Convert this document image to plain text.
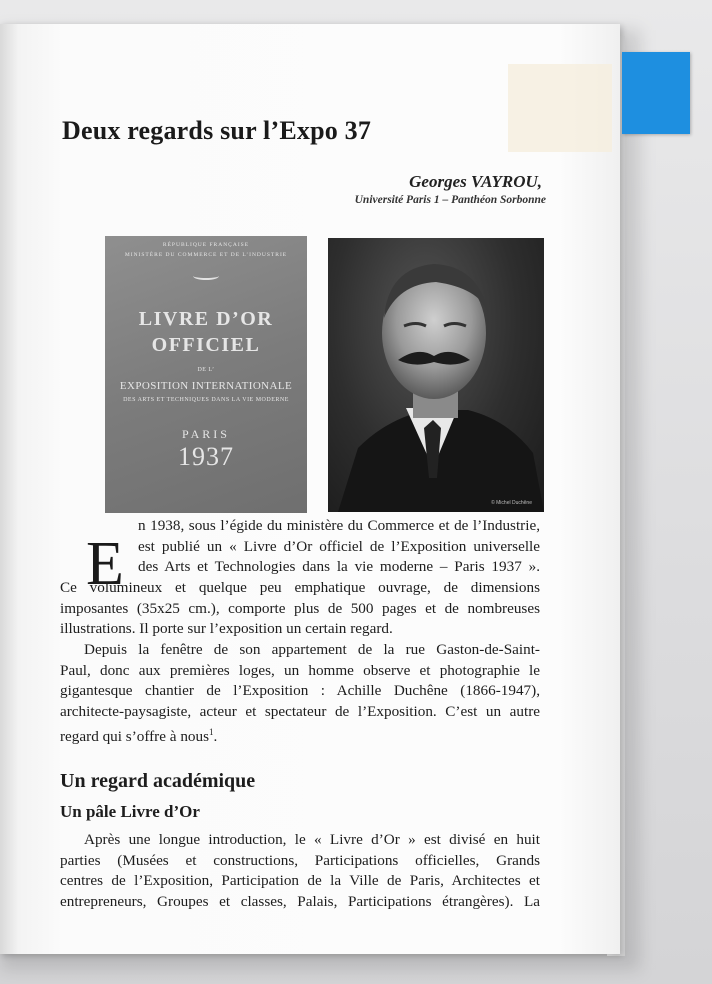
Deux regards sur l’Expo 37
Georges VAYROU,
Université Paris 1 – Panthéon Sorbonne
RÉPUBLIQUE FRANÇAISE
MINISTÈRE DU COMMERCE ET DE L’INDUSTRIE
LIVRE D’OR
OFFICIEL
DE L’
EXPOSITION INTERNATIONALE
DES ARTS ET TECHNIQUES DANS LA VIE MODERNE
PARIS
1937
© Michel Duchêne
E
n 1938, sous l’égide du ministère du Commerce et de l’Industrie,
est publié un « Livre d’Or officiel de l’Exposition universelle
des Arts et Technologies dans la vie moderne – Paris 1937 ».
Ce volumineux et quelque peu emphatique ouvrage, de dimensions
imposantes (35x25 cm.), comporte plus de 500 pages et de nombreuses
illustrations. Il porte sur l’exposition un certain regard.
Depuis la fenêtre de son appartement de la rue Gaston-de-Saint-
Paul, donc aux premières loges, un homme observe et photographie le
gigantesque chantier de l’Exposition : Achille Duchêne (1866-1947),
architecte-paysagiste, acteur et spectateur de l’Exposition. C’est un autre
regard qui s’offre à nous$^1$.
Un regard académique
Un pâle Livre d’Or
Après une longue introduction, le « Livre d’Or » est divisé en huit
parties (Musées et constructions, Participations officielles, Grands
centres de l’Exposition, Participation de la Ville de Paris, Architectes et
entrepreneurs, Groupes et classes, Palais, Participations étrangères). La
